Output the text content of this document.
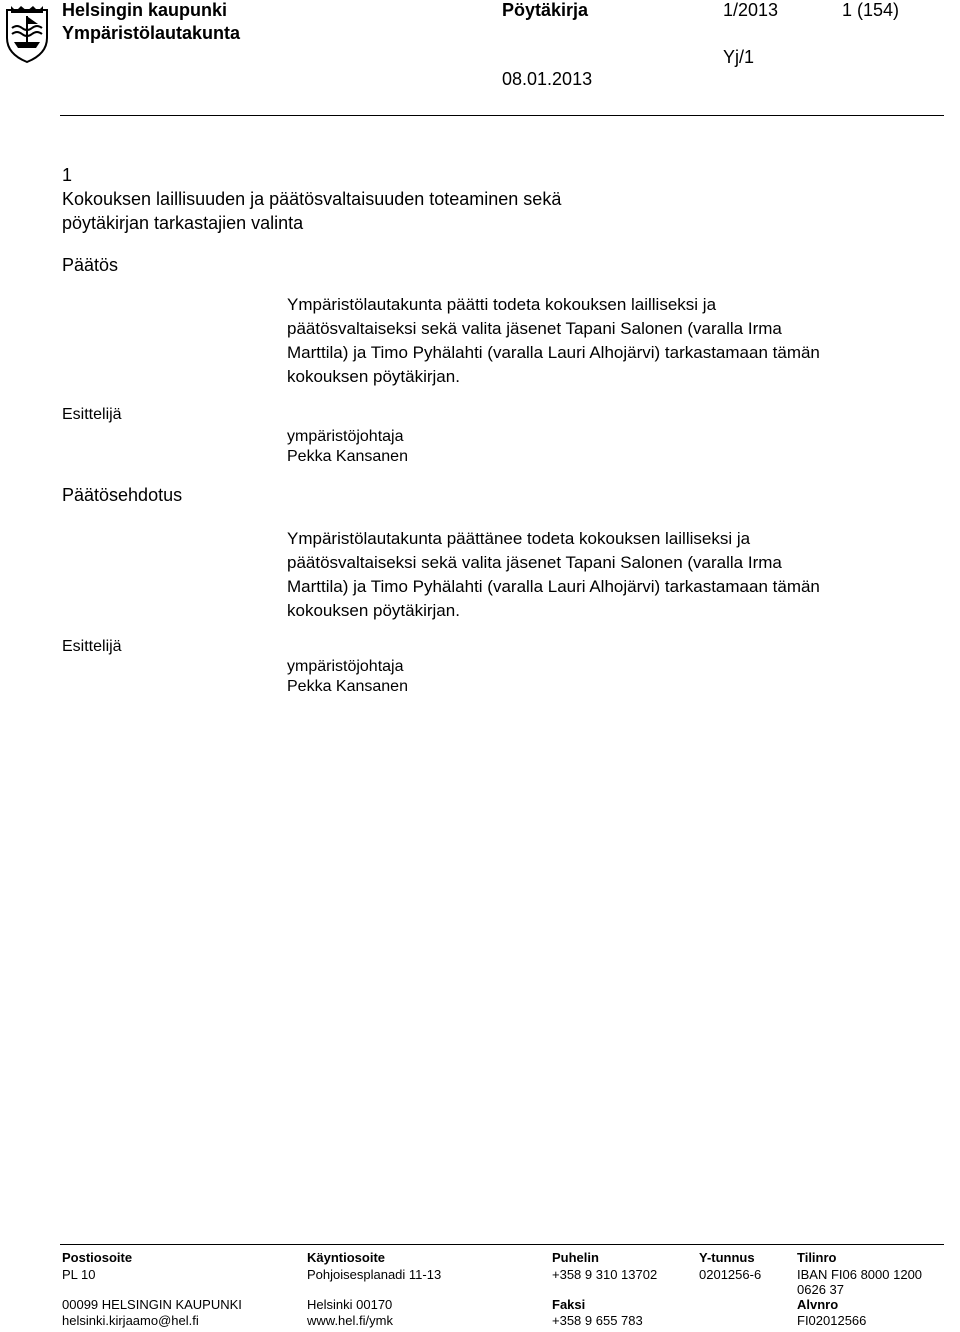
Helsingin kaupunki
Ympäristölautakunta
Pöytäkirja	1/2013	1 (154)
Yj/1
08.01.2013
1
Kokouksen laillisuuden ja päätösvaltaisuuden toteaminen sekä
pöytäkirjan tarkastajien valinta
Päätös
Ympäristölautakunta päätti todeta kokouksen lailliseksi ja
päätösvaltaiseksi sekä valita jäsenet Tapani Salonen (varalla Irma
Marttila) ja Timo Pyhälahti (varalla Lauri Alhojärvi) tarkastamaan tämän
kokouksen pöytäkirjan.
Esittelijä
ympäristöjohtaja
Pekka Kansanen
Päätösehdotus
Ympäristölautakunta päättänee todeta kokouksen lailliseksi ja
päätösvaltaiseksi sekä valita jäsenet Tapani Salonen (varalla Irma
Marttila) ja Timo Pyhälahti (varalla Lauri Alhojärvi) tarkastamaan tämän
kokouksen pöytäkirjan.
Esittelijä
ympäristöjohtaja
Pekka Kansanen
Postiosoite
PL 10
00099 HELSINGIN KAUPUNKI
helsinki.kirjaamo@hel.fi
Käyntiosoite
Pohjoisesplanadi 11-13
Helsinki 00170
www.hel.fi/ymk
Puhelin
+358 9 310 13702
Faksi
+358 9 655 783
Y-tunnus
0201256-6
Tilinro
IBAN FI06 8000 1200
0626 37
Alvnro
FI02012566
